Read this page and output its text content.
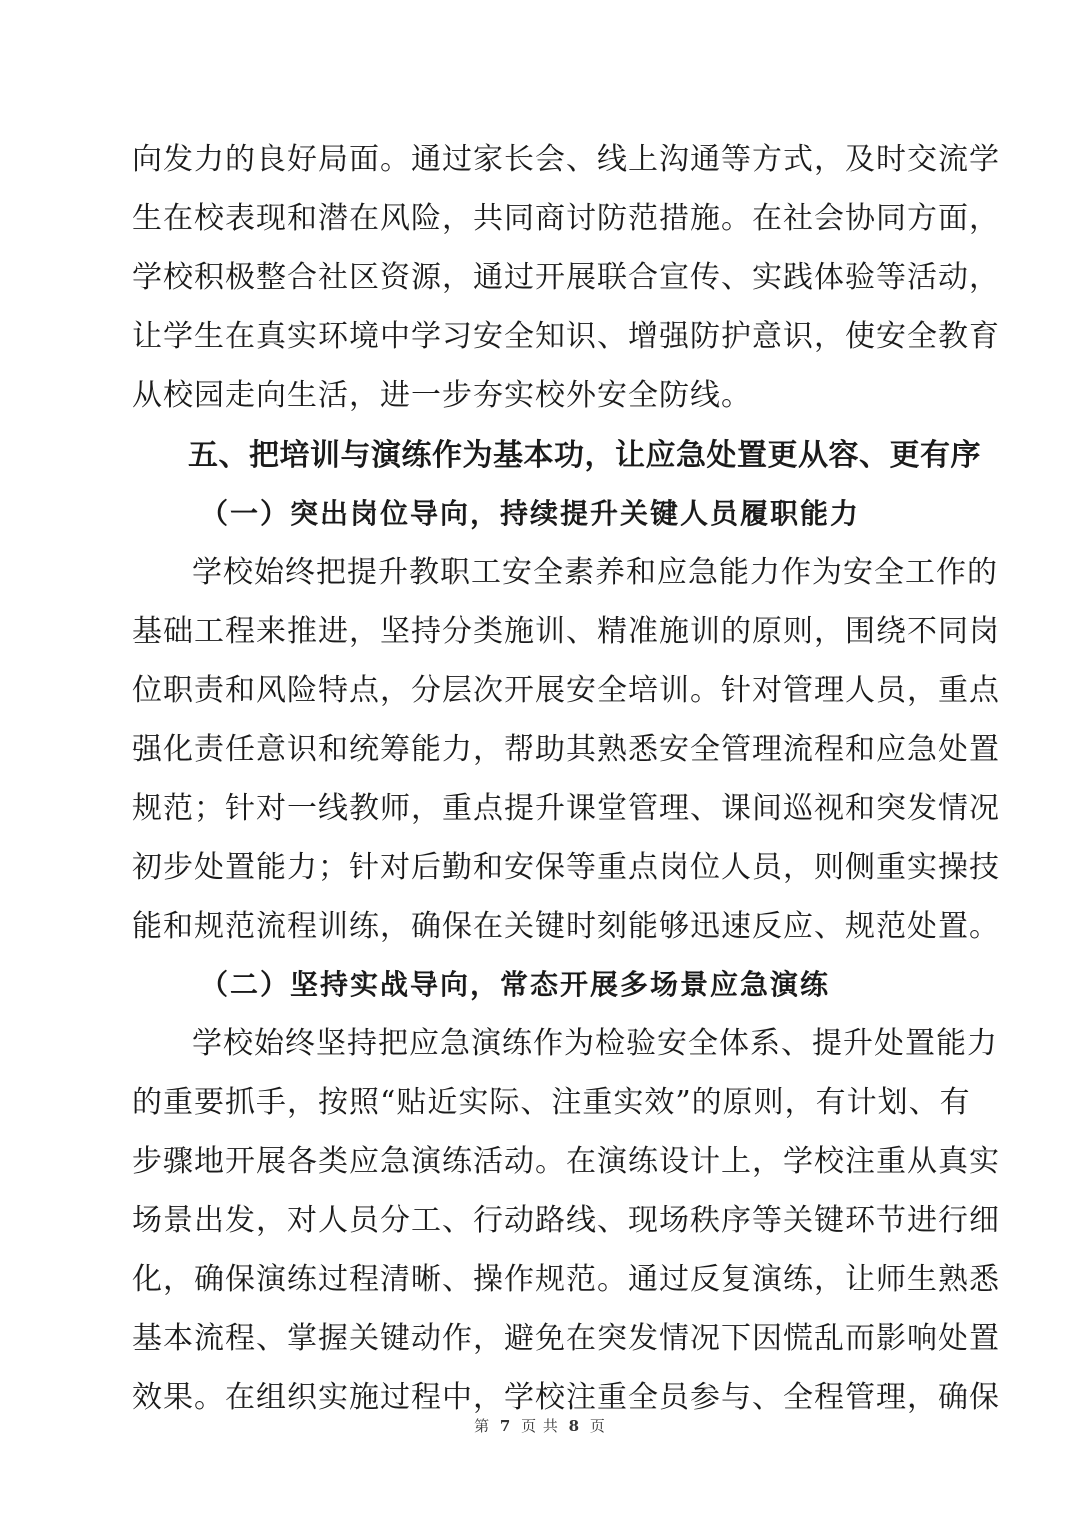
向发力的良好局面。通过家长会、线上沟通等方式，及时交流学
生在校表现和潜在风险，共同商讨防范措施。在社会协同方面，
学校积极整合社区资源，通过开展联合宣传、实践体验等活动，
让学生在真实环境中学习安全知识、增强防护意识，使安全教育
从校园走向生活，进一步夯实校外安全防线。
五、把培训与演练作为基本功，让应急处置更从容、更有序
（一）突出岗位导向，持续提升关键人员履职能力
学校始终把提升教职工安全素养和应急能力作为安全工作的
基础工程来推进，坚持分类施训、精准施训的原则，围绕不同岗
位职责和风险特点，分层次开展安全培训。针对管理人员，重点
强化责任意识和统筹能力，帮助其熟悉安全管理流程和应急处置
规范；针对一线教师，重点提升课堂管理、课间巡视和突发情况
初步处置能力；针对后勤和安保等重点岗位人员，则侧重实操技
能和规范流程训练，确保在关键时刻能够迅速反应、规范处置。
（二）坚持实战导向，常态开展多场景应急演练
学校始终坚持把应急演练作为检验安全体系、提升处置能力
的重要抓手，按照“贴近实际、注重实效”的原则，有计划、有
步骤地开展各类应急演练活动。在演练设计上，学校注重从真实
场景出发，对人员分工、行动路线、现场秩序等关键环节进行细
化，确保演练过程清晰、操作规范。通过反复演练，让师生熟悉
基本流程、掌握关键动作，避免在突发情况下因慌乱而影响处置
效果。在组织实施过程中，学校注重全员参与、全程管理，确保
第 7 页 共 8 页
